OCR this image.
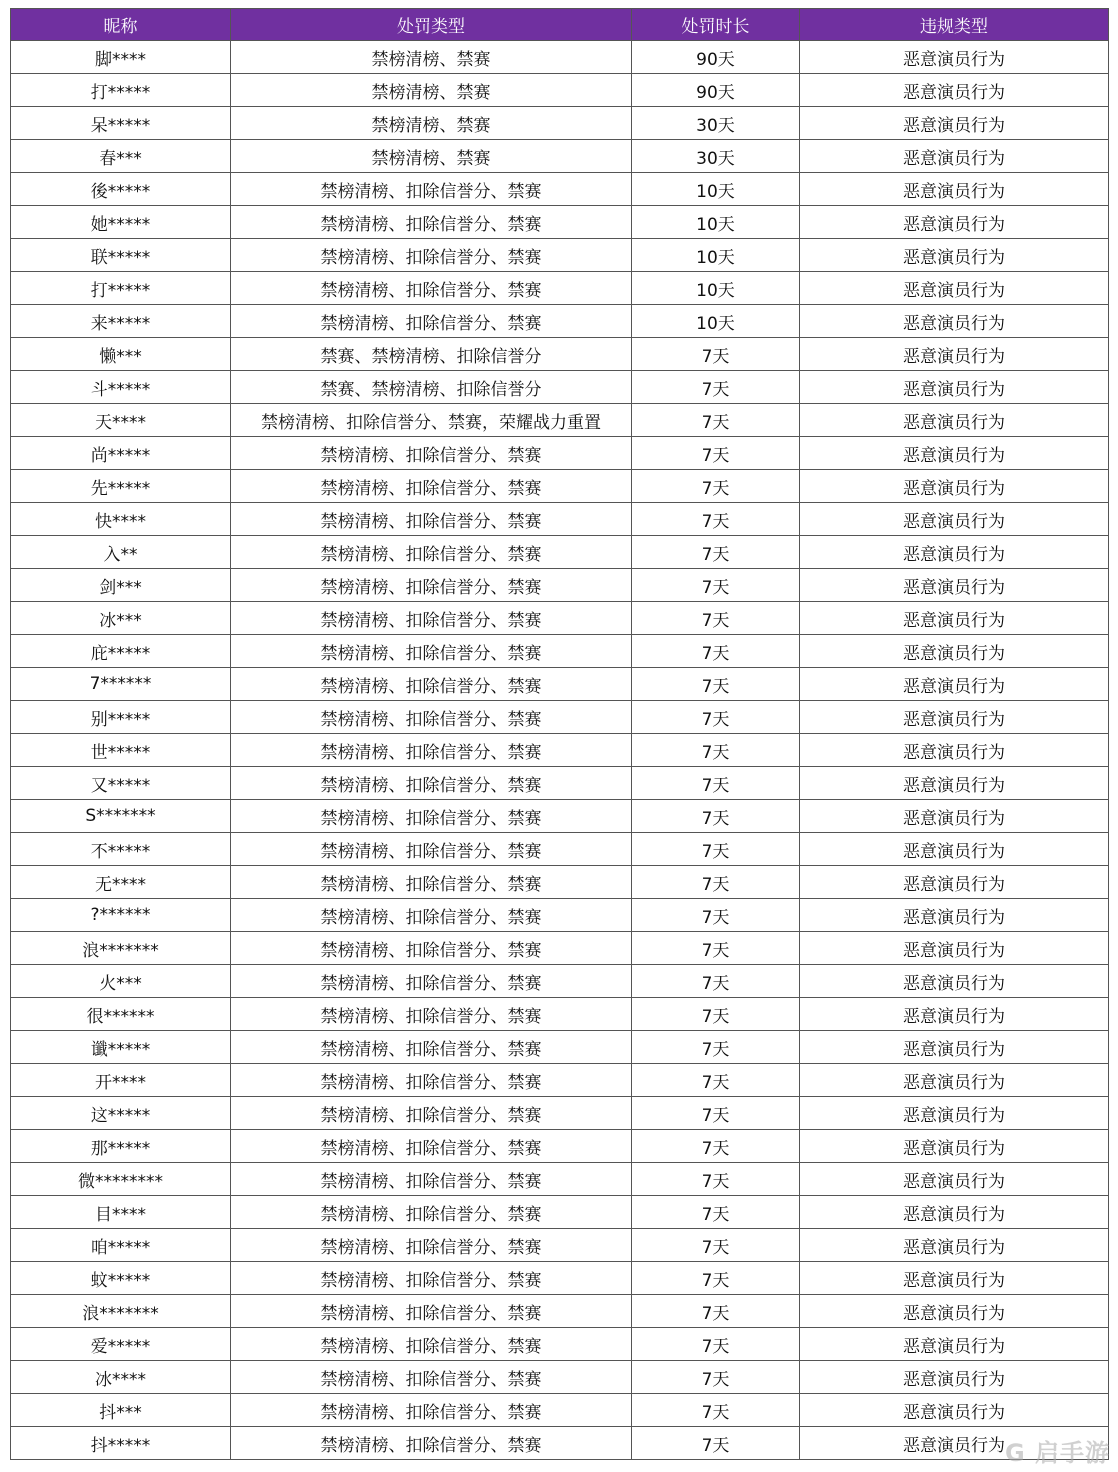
昵称	处罚类型	处罚时长	违规类型
脚****	禁榜清榜、禁赛	90天	恶意演员行为
打*****	禁榜清榜、禁赛	90天	恶意演员行为
呆*****	禁榜清榜、禁赛	30天	恶意演员行为
春***	禁榜清榜、禁赛	30天	恶意演员行为
後*****	禁榜清榜、扣除信誉分、禁赛	10天	恶意演员行为
她*****	禁榜清榜、扣除信誉分、禁赛	10天	恶意演员行为
联*****	禁榜清榜、扣除信誉分、禁赛	10天	恶意演员行为
打*****	禁榜清榜、扣除信誉分、禁赛	10天	恶意演员行为
来*****	禁榜清榜、扣除信誉分、禁赛	10天	恶意演员行为
懒***	禁赛、禁榜清榜、扣除信誉分	7天	恶意演员行为
斗*****	禁赛、禁榜清榜、扣除信誉分	7天	恶意演员行为
天****	禁榜清榜、扣除信誉分、禁赛，荣耀战力重置	7天	恶意演员行为
尚*****	禁榜清榜、扣除信誉分、禁赛	7天	恶意演员行为
先*****	禁榜清榜、扣除信誉分、禁赛	7天	恶意演员行为
快****	禁榜清榜、扣除信誉分、禁赛	7天	恶意演员行为
入**	禁榜清榜、扣除信誉分、禁赛	7天	恶意演员行为
剑***	禁榜清榜、扣除信誉分、禁赛	7天	恶意演员行为
冰***	禁榜清榜、扣除信誉分、禁赛	7天	恶意演员行为
庇*****	禁榜清榜、扣除信誉分、禁赛	7天	恶意演员行为
7******	禁榜清榜、扣除信誉分、禁赛	7天	恶意演员行为
别*****	禁榜清榜、扣除信誉分、禁赛	7天	恶意演员行为
世*****	禁榜清榜、扣除信誉分、禁赛	7天	恶意演员行为
又*****	禁榜清榜、扣除信誉分、禁赛	7天	恶意演员行为
S*******	禁榜清榜、扣除信誉分、禁赛	7天	恶意演员行为
不*****	禁榜清榜、扣除信誉分、禁赛	7天	恶意演员行为
无****	禁榜清榜、扣除信誉分、禁赛	7天	恶意演员行为
?******	禁榜清榜、扣除信誉分、禁赛	7天	恶意演员行为
浪*******	禁榜清榜、扣除信誉分、禁赛	7天	恶意演员行为
火***	禁榜清榜、扣除信誉分、禁赛	7天	恶意演员行为
很******	禁榜清榜、扣除信誉分、禁赛	7天	恶意演员行为
谶*****	禁榜清榜、扣除信誉分、禁赛	7天	恶意演员行为
开****	禁榜清榜、扣除信誉分、禁赛	7天	恶意演员行为
这*****	禁榜清榜、扣除信誉分、禁赛	7天	恶意演员行为
那*****	禁榜清榜、扣除信誉分、禁赛	7天	恶意演员行为
微********	禁榜清榜、扣除信誉分、禁赛	7天	恶意演员行为
目****	禁榜清榜、扣除信誉分、禁赛	7天	恶意演员行为
咱*****	禁榜清榜、扣除信誉分、禁赛	7天	恶意演员行为
蚊*****	禁榜清榜、扣除信誉分、禁赛	7天	恶意演员行为
浪*******	禁榜清榜、扣除信誉分、禁赛	7天	恶意演员行为
爱*****	禁榜清榜、扣除信誉分、禁赛	7天	恶意演员行为
冰****	禁榜清榜、扣除信誉分、禁赛	7天	恶意演员行为
抖***	禁榜清榜、扣除信誉分、禁赛	7天	恶意演员行为
抖*****	禁榜清榜、扣除信誉分、禁赛	7天	恶意演员行为 G 启手游
